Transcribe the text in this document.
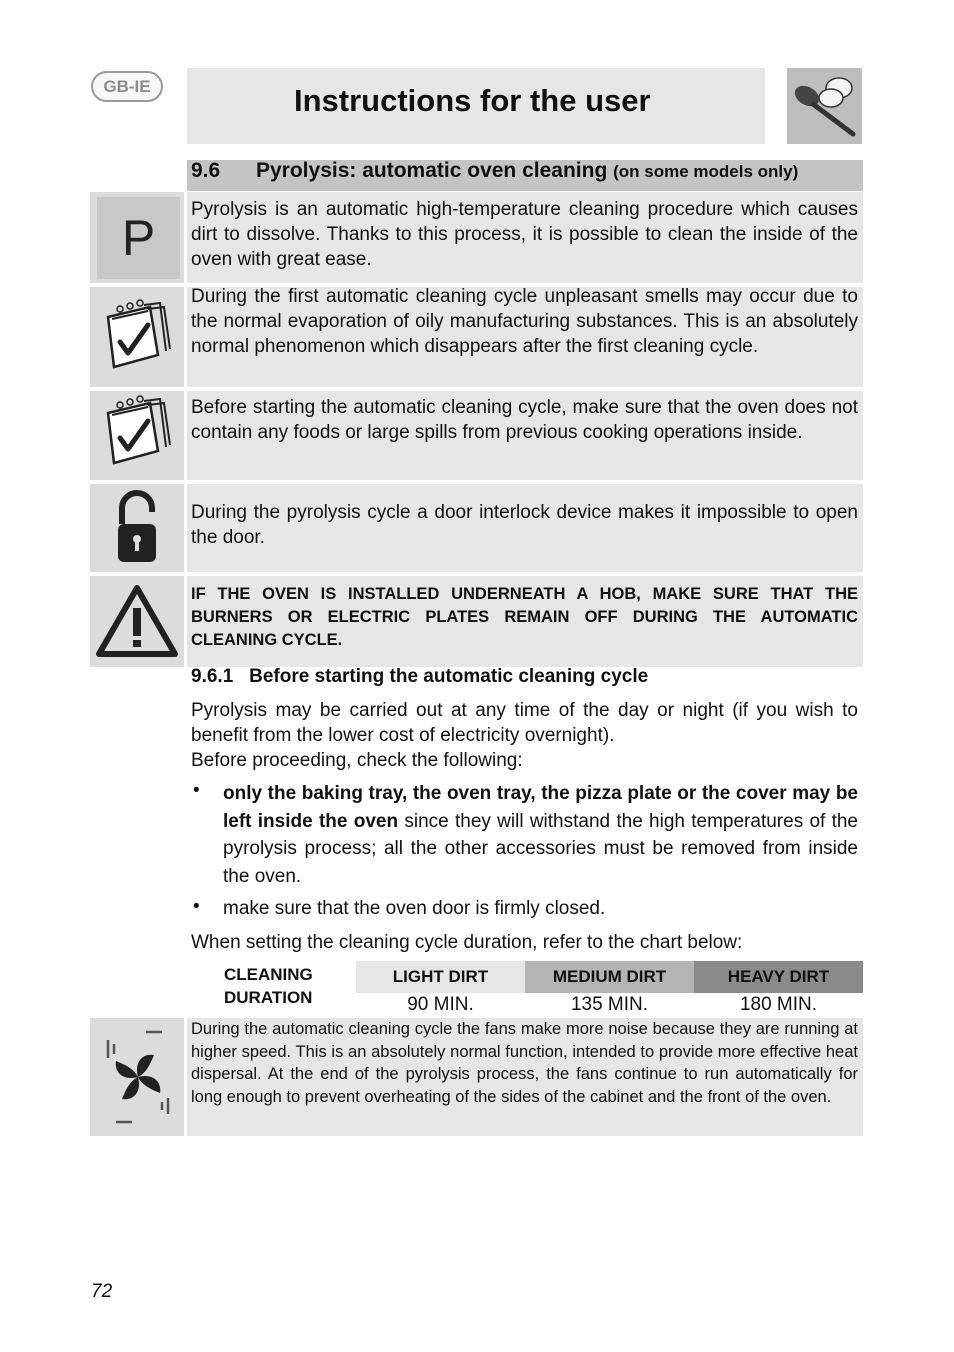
GB-IE	Instructions for the user
9.6 Pyrolysis: automatic oven cleaning (on some models only)
P
Pyrolysis is an automatic high-temperature cleaning procedure which causes dirt to dissolve. Thanks to this process, it is possible to clean the inside of the oven with great ease.
During the first automatic cleaning cycle unpleasant smells may occur due to the normal evaporation of oily manufacturing substances. This is an absolutely normal phenomenon which disappears after the first cleaning cycle.
Before starting the automatic cleaning cycle, make sure that the oven does not contain any foods or large spills from previous cooking operations inside.
During the pyrolysis cycle a door interlock device makes it impossible to open the door.
IF THE OVEN IS INSTALLED UNDERNEATH A HOB, MAKE SURE THAT THE BURNERS OR ELECTRIC PLATES REMAIN OFF DURING THE AUTOMATIC CLEANING CYCLE.
9.6.1 Before starting the automatic cleaning cycle
Pyrolysis may be carried out at any time of the day or night (if you wish to benefit from the lower cost of electricity overnight).
Before proceeding, check the following:
• only the baking tray, the oven tray, the pizza plate or the cover may be left inside the oven since they will withstand the high temperatures of the pyrolysis process; all the other accessories must be removed from inside the oven.
• make sure that the oven door is firmly closed.
When setting the cleaning cycle duration, refer to the chart below:
CLEANING
DURATION
LIGHT DIRT	MEDIUM DIRT	HEAVY DIRT
90 MIN.	135 MIN.	180 MIN.
During the automatic cleaning cycle the fans make more noise because they are running at higher speed. This is an absolutely normal function, intended to provide more effective heat dispersal. At the end of the pyrolysis process, the fans continue to run automatically for long enough to prevent overheating of the sides of the cabinet and the front of the oven.
72
